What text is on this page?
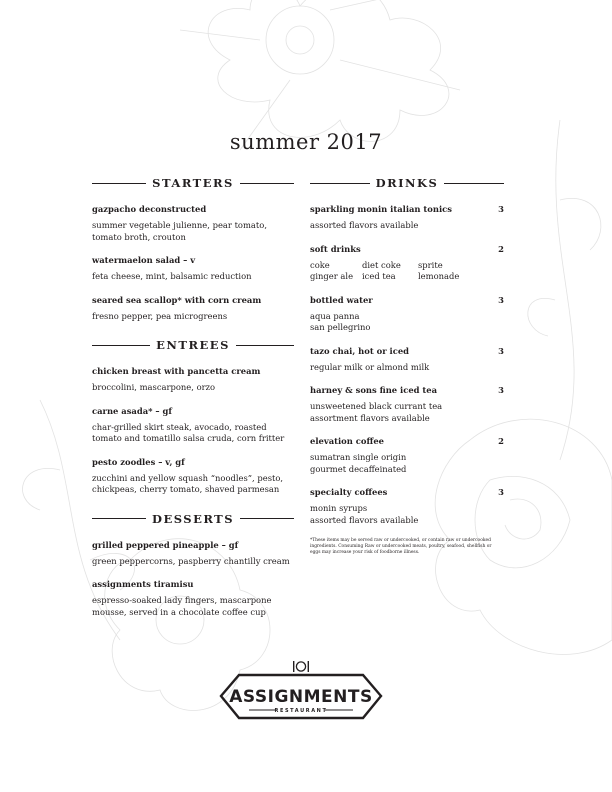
summer 2017
STARTERS
gazpacho deconstructed
summer vegetable julienne, pear tomato, tomato broth, crouton
watermaelon salad – v
feta cheese, mint, balsamic reduction
seared sea scallop* with corn cream
fresno pepper, pea microgreens
ENTREES
chicken breast with pancetta cream
broccolini, mascarpone, orzo
carne asada* – gf
char-grilled skirt steak, avocado, roasted tomato and tomatillo salsa cruda, corn fritter
pesto zoodles – v, gf
zucchini and yellow squash “noodles”, pesto, chickpeas, cherry tomato, shaved parmesan
DESSERTS
grilled peppered pineapple – gf
green peppercorns, paspberry chantilly cream
assignments tiramisu
espresso-soaked lady fingers, mascarpone mousse, served in a chocolate coffee cup
DRINKS
sparkling monin italian tonics	3
assorted flavors available
soft drinks	2
coke	diet coke	sprite
ginger ale	iced tea	lemonade
bottled water	3
aqua panna
san pellegrino
tazo chai, hot or iced	3
regular milk or almond milk
harney & sons fine iced tea	3
unsweetened black currant tea
assortment flavors available
elevation coffee	2
sumatran single origin
gourmet decaffeinated
specialty coffees	3
monin syrups
assorted flavors available
*These items may be served raw or undercooked, or contain raw or undercooked ingredients. Consuming Raw or undercooked meats, poultry, seafood, shellfish or eggs may increase your risk of foodborne illness.
ASSIGNMENTS
RESTAURANT
